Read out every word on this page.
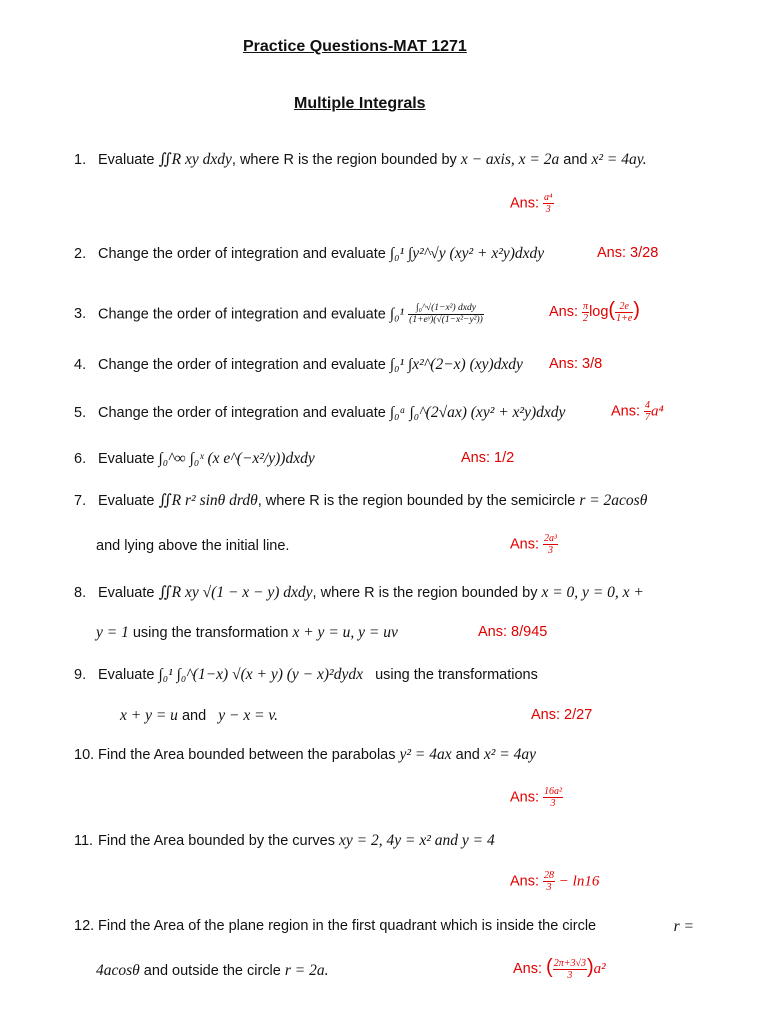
Practice Questions-MAT 1271
Multiple Integrals
1. Evaluate ∬R xy dxdy, where R is the region bounded by x − axis, x = 2a and x² = 4ay.
Ans: $\frac{\text{a⁴}}{3}$
2. Change the order of integration and evaluate ∫₀¹ ∫y²^√y (xy² + x²y)dxdy	Ans: 3/28
3. Change the order of integration and evaluate $\int_0^1 \frac{\text{∫₀\textasciicircum{}√(1−x²) dxdy}}{\text{(1+eʸ)(√(1−x²−y²))}}$	Ans: $\frac{\pi}{2} \log( \frac{2e}{1+e}$ )
4. Change the order of integration and evaluate ∫₀¹ ∫x²^(2−x) (xy)dxdy Ans: 3/8
5. Change the order of integration and evaluate ∫₀ᵃ ∫₀^(2√ax) (xy² + x²y)dxdy	Ans: $\frac{4}{7} a^4$
6. Evaluate ∫₀^∞ ∫₀ˣ (x e^(−x²/y))dxdy	Ans: 1/2
7. Evaluate ∬R r² sinθ drdθ, where R is the region bounded by the semicircle r = 2acosθ
and lying above the initial line.	Ans: $\frac{\text{2a³}}{3}$
8. Evaluate ∬R xy √(1 − x − y) dxdy, where R is the region bounded by x = 0, y = 0, x +
y = 1 using the transformation x + y = u, y = uv	Ans: 8/945
9. Evaluate ∫₀¹ ∫₀^(1−x) √(x + y) (y − x)²dydx using the transformations
x + y = u and   y − x = v.	Ans: 2/27
10. Find the Area bounded between the parabolas y² = 4ax and x² = 4ay
Ans: $\frac{\text{16a²}}{3}$
11. Find the Area bounded by the curves xy = 2, 4y = x² and y = 4
Ans: $\frac{28}{3} - \ln 16$
12. Find the Area of the plane region in the first quadrant which is inside the circle	r =
4acosθ and outside the circle r = 2a.	Ans: ( $\frac{2\pi+3√3}{3} )a^2$
